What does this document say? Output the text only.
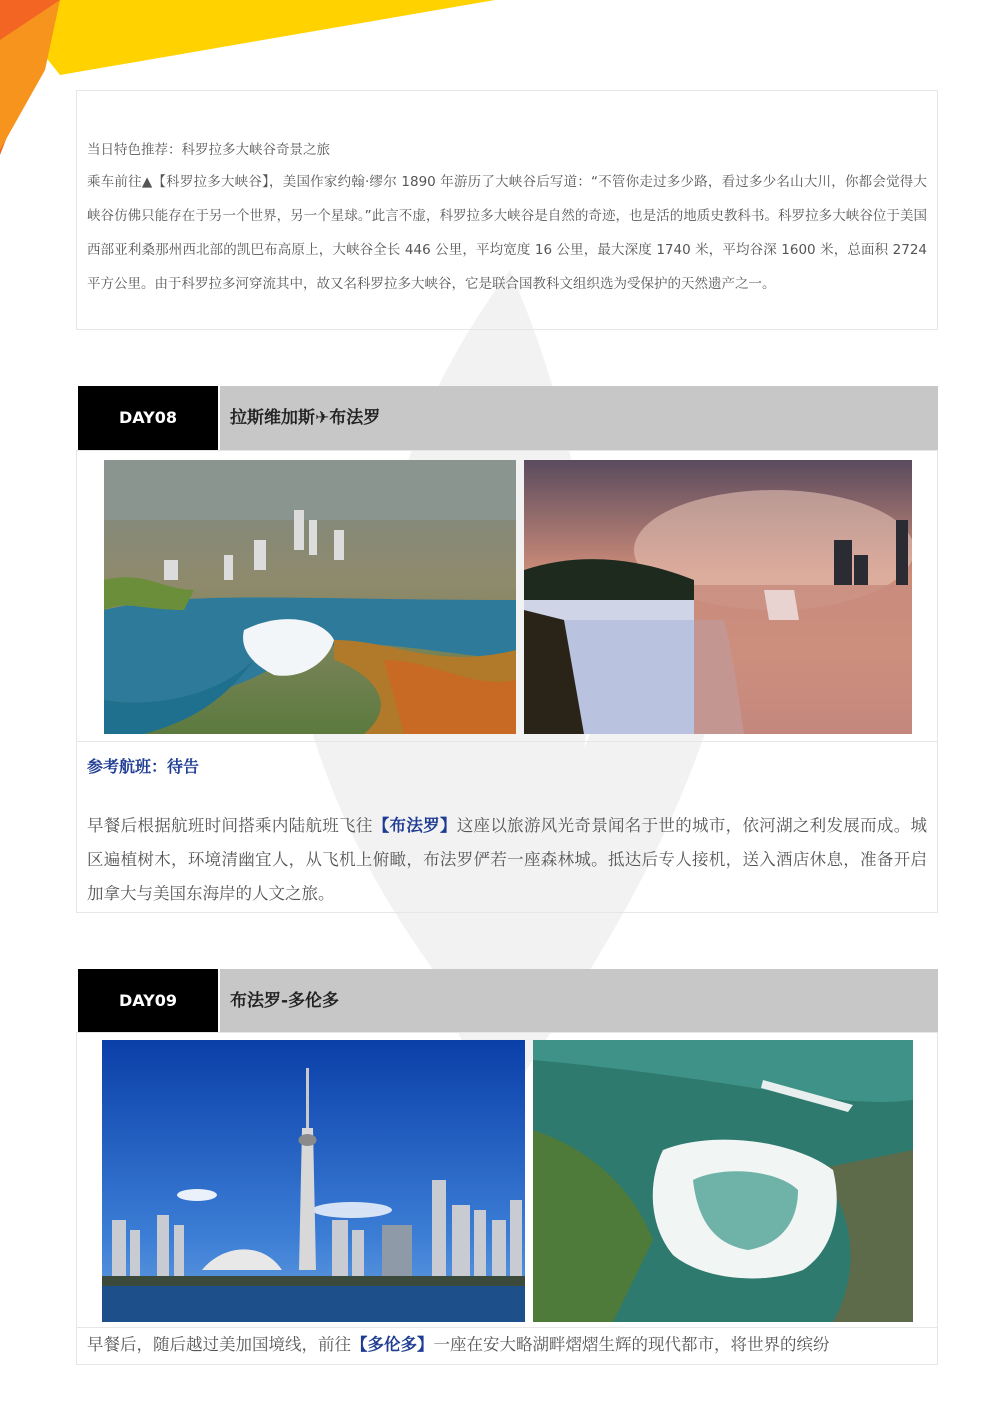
当日特色推荐：科罗拉多大峡谷奇景之旅

乘车前往▲【科罗拉多大峡谷】，美国作家约翰·缪尔 1890 年游历了大峡谷后写道：“不管你走过多少路，看过多少名山大川，你都会觉得大峡谷仿佛只能存在于另一个世界，另一个星球。”此言不虚，科罗拉多大峡谷是自然的奇迹，也是活的地质史教科书。科罗拉多大峡谷位于美国西部亚利桑那州西北部的凯巴布高原上，大峡谷全长 446 公里，平均宽度 16 公里，最大深度 1740 米，平均谷深 1600 米，总面积 2724 平方公里。由于科罗拉多河穿流其中，故又名科罗拉多大峡谷，它是联合国教科文组织选为受保护的天然遗产之一。

DAY08	拉斯维加斯✈布法罗

参考航班：待告

早餐后根据航班时间搭乘内陆航班飞往【布法罗】这座以旅游风光奇景闻名于世的城市，依河湖之利发展而成。城区遍植树木，环境清幽宜人，从飞机上俯瞰，布法罗俨若一座森林城。抵达后专人接机，送入酒店休息，准备开启加拿大与美国东海岸的人文之旅。

DAY09	布法罗-多伦多

早餐后，随后越过美加国境线，前往【多伦多】一座在安大略湖畔熠熠生辉的现代都市，将世界的缤纷
